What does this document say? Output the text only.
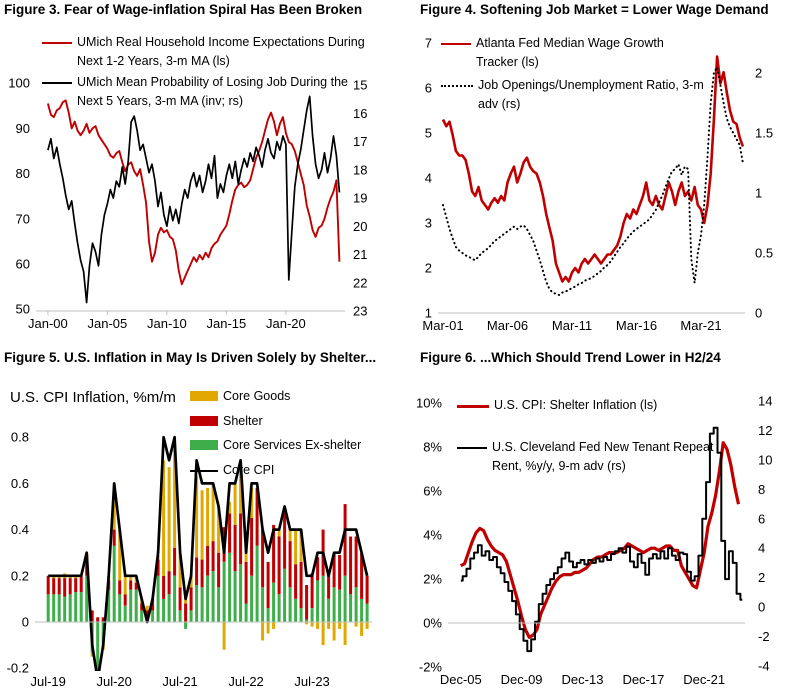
Figure 3. Fear of Wage-inflation Spiral Has Been Broken
100
90
80
70
60
50
15
16
17
18
19
20
21
22
23
Jan-00 Jan-05 Jan-10 Jan-15 Jan-20
UMich Real Household Income Expectations During Next 1-2 Years, 3-m MA (ls)
UMich Mean Probability of Losing Job During the Next 5 Years, 3-m MA (inv; rs)
Figure 4. Softening Job Market = Lower Wage Demand
7
6
5
4
3
2
1
2
1.5
1
0.5
0
Mar-01 Mar-06 Mar-11 Mar-16 Mar-21
Atlanta Fed Median Wage Growth Tracker (ls)
Job Openings/Unemployment Ratio, 3-m adv (rs)
Figure 5. U.S. Inflation in May Is Driven Solely by Shelter...
U.S. CPI Inflation, %m/m
0.8
0.6
0.4
0.2
0
-0.2
Jul-19 Jul-20 Jul-21 Jul-22 Jul-23
Core Goods
Shelter
Core Services Ex-shelter
Core CPI
Figure 6. ...Which Should Trend Lower in H2/24
10%
8%
6%
4%
2%
0%
-2%
14
12
10
8
6
4
2
0
-2
-4
Dec-05 Dec-09 Dec-13 Dec-17 Dec-21
U.S. CPI: Shelter Inflation (ls)
U.S. Cleveland Fed New Tenant Repeat Rent, %y/y, 9-m adv (rs)
